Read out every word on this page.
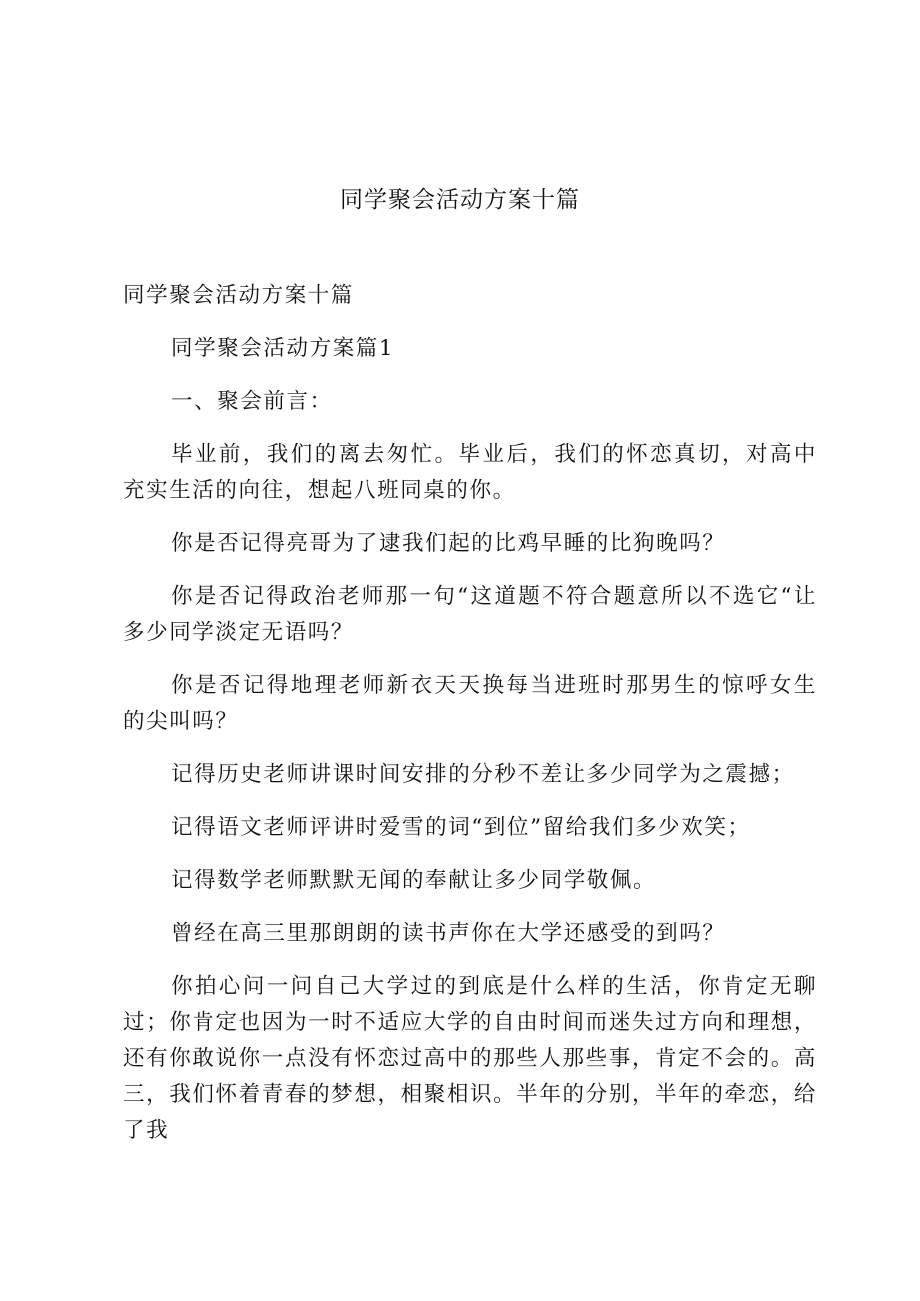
同学聚会活动方案十篇

同学聚会活动方案十篇

同学聚会活动方案篇1

一、聚会前言：

毕业前，我们的离去匆忙。毕业后，我们的怀恋真切，对高中充实生活的向往，想起八班同桌的你。

你是否记得亮哥为了逮我们起的比鸡早睡的比狗晚吗？

你是否记得政治老师那一句“这道题不符合题意所以不选它“让多少同学淡定无语吗？

你是否记得地理老师新衣天天换每当进班时那男生的惊呼女生的尖叫吗？

记得历史老师讲课时间安排的分秒不差让多少同学为之震撼；

记得语文老师评讲时爱雪的词“到位”留给我们多少欢笑；

记得数学老师默默无闻的奉献让多少同学敬佩。

曾经在高三里那朗朗的读书声你在大学还感受的到吗？

你拍心问一问自己大学过的到底是什么样的生活，你肯定无聊过；你肯定也因为一时不适应大学的自由时间而迷失过方向和理想，还有你敢说你一点没有怀恋过高中的那些人那些事，肯定不会的。高三，我们怀着青春的梦想，相聚相识。半年的分别，半年的牵恋，给了我
